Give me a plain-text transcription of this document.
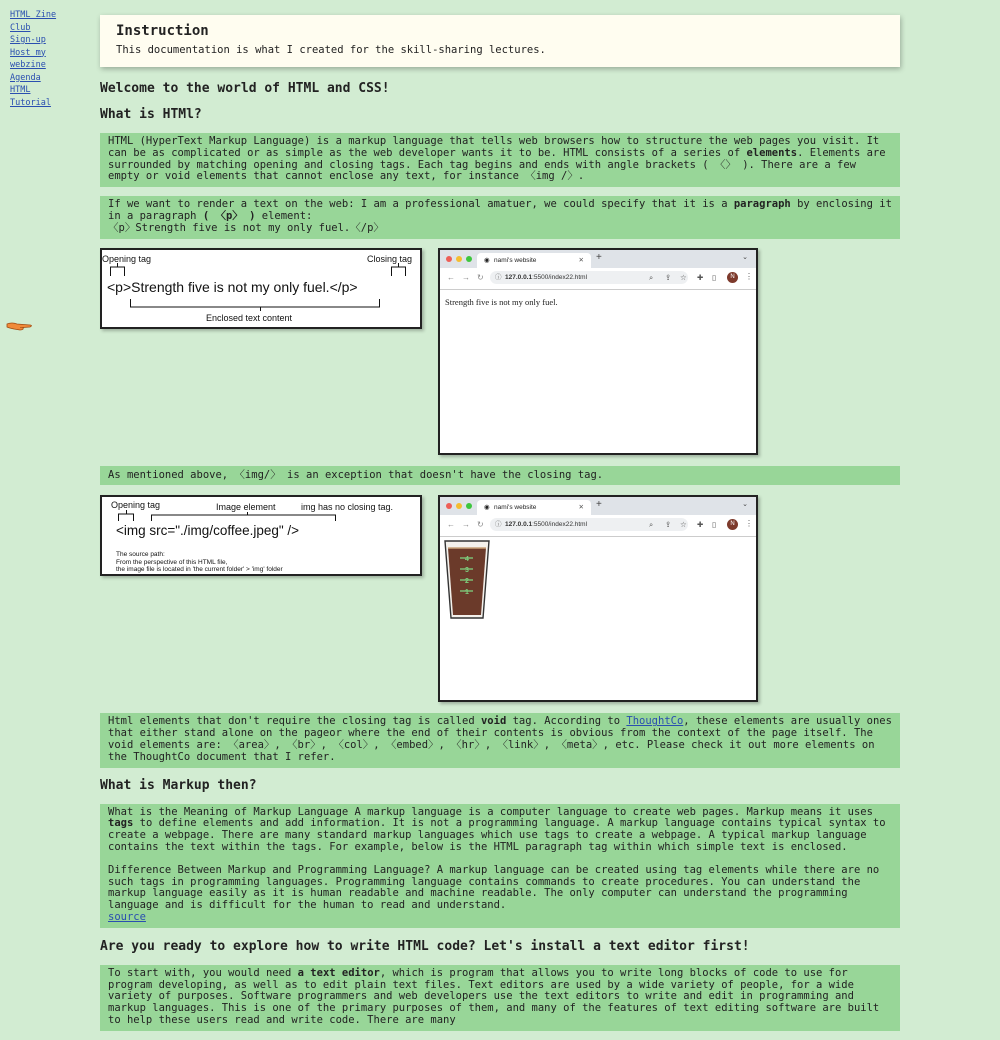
HTML Zine
Club
Sign-up
Host my
webzine
Agenda
HTML
Tutorial
Instruction

This documentation is what I created for the skill-sharing lectures.

Welcome to the world of HTML and CSS!
What is HTMl?

HTML (HyperText Markup Language) is a markup language that tells web browsers how to structure the web pages you visit. It can be as complicated or as simple as the web developer wants it to be. HTML consists of a series of elements. Elements are surrounded by matching opening and closing tags. Each tag begins and ends with angle brackets ( 〈〉 ). There are a few empty or void elements that cannot enclose any text, for instance 〈img /〉.

If we want to render a text on the web: I am a professional amatuer, we could specify that it is a paragraph by enclosing it in a paragraph ( 〈p〉 ) element:
〈p〉Strength five is not my only fuel.〈/p〉

Opening tag	Closing tag
<p>Strength five is not my only fuel.</p>
Enclosed text content
◉ nami's website	✕ +	⌄
← → ↻ ⓘ 127.0.0.1:5500/index22.html	⌕ ⇪ ☆ ✚ ▯	N	⋮
Strength five is not my only fuel.

As mentioned above, 〈img/〉 is an exception that doesn't have the closing tag.

Opening tag	Image element	img has no closing tag.
<img src="./img/coffee.jpeg" />
The source path:
From the perspective of this HTML file,
the image file is located in 'the current folder' > 'img' folder
◉ nami's website	✕ +	⌄
← → ↻ ⓘ 127.0.0.1:5500/index22.html	⌕ ⇪ ☆ ✚ ▯	N	⋮
4
3
2
1

Html elements that don't require the closing tag is called void tag. According to ThoughtCo, these elements are usually ones that either stand alone on the pageor where the end of their contents is obvious from the context of the page itself. The void elements are: 〈area〉, 〈br〉, 〈col〉, 〈embed〉, 〈hr〉, 〈link〉, 〈meta〉, etc. Please check it out more elements on the ThoughtCo document that I refer.

What is Markup then?

What is the Meaning of Markup Language A markup language is a computer language to create web pages. Markup means it uses tags to define elements and add information. It is not a programming language. A markup language contains typical syntax to create a webpage. There are many standard markup languages which use tags to create a webpage. A typical markup language contains the text within the tags. For example, below is the HTML paragraph tag within which simple text is enclosed.

Difference Between Markup and Programming Language? A markup language can be created using tag elements while there are no such tags in programming languages. Programming language contains commands to create procedures. You can understand the markup language easily as it is human readable and machine readable. The only computer can understand the programming language and is difficult for the human to read and understand.
source

Are you ready to explore how to write HTML code? Let's install a text editor first!

To start with, you would need a text editor, which is program that allows you to write long blocks of code to use for program developing, as well as to edit plain text files. Text editors are used by a wide variety of people, for a wide variety of purposes. Software programmers and web developers use the text editors to write and edit in programming and markup languages. This is one of the primary purposes of them, and many of the features of text editing software are built to help these users read and write code. There are many
